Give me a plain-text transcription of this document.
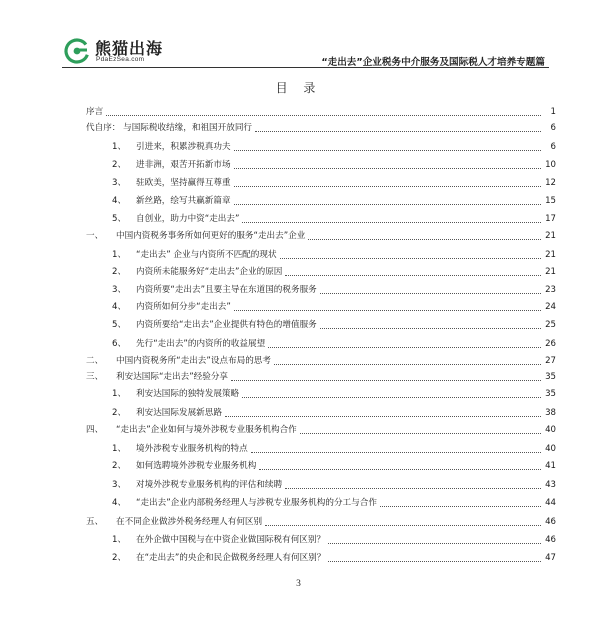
熊猫出海
PdaEzSea.com	“走出去”企业税务中介服务及国际税人才培养专题篇
目 录
序言	1
代自序： 与国际税收结缘，和祖国开放同行	6
1、	引进来，积累涉税真功夫	6
2、	进非洲，艰苦开拓新市场	10
3、	驻欧美，坚持赢得互尊重	12
4、	新丝路，绘写共赢新篇章	15
5、	自创业，助力中资“走出去”	17
一、	中国内资税务事务所如何更好的服务“走出去”企业	21
1、	“走出去” 企业与内资所不匹配的现状	21
2、	内资所未能服务好“走出去”企业的原因	21
3、	内资所要“走出去”且要主导在东道国的税务服务	23
4、	内资所如何分步“走出去”	24
5、	内资所要给“走出去”企业提供有特色的增值服务	25
6、	先行“走出去”的内资所的收益展望	26
二、	中国内资税务所“走出去”设点布局的思考	27
三、	利安达国际“走出去”经验分享	35
1、	利安达国际的独特发展策略	35
2、	利安达国际发展新思路	38
四、	“走出去”企业如何与境外涉税专业服务机构合作	40
1、	境外涉税专业服务机构的特点	40
2、	如何选聘境外涉税专业服务机构	41
3、	对境外涉税专业服务机构的评估和续聘	43
4、	“走出去”企业内部税务经理人与涉税专业服务机构的分工与合作	44
五、	在不同企业做涉外税务经理人有何区别	46
1、	在外企做中国税与在中资企业做国际税有何区别？	46
2、	在“走出去”的央企和民企做税务经理人有何区别？	47
3
